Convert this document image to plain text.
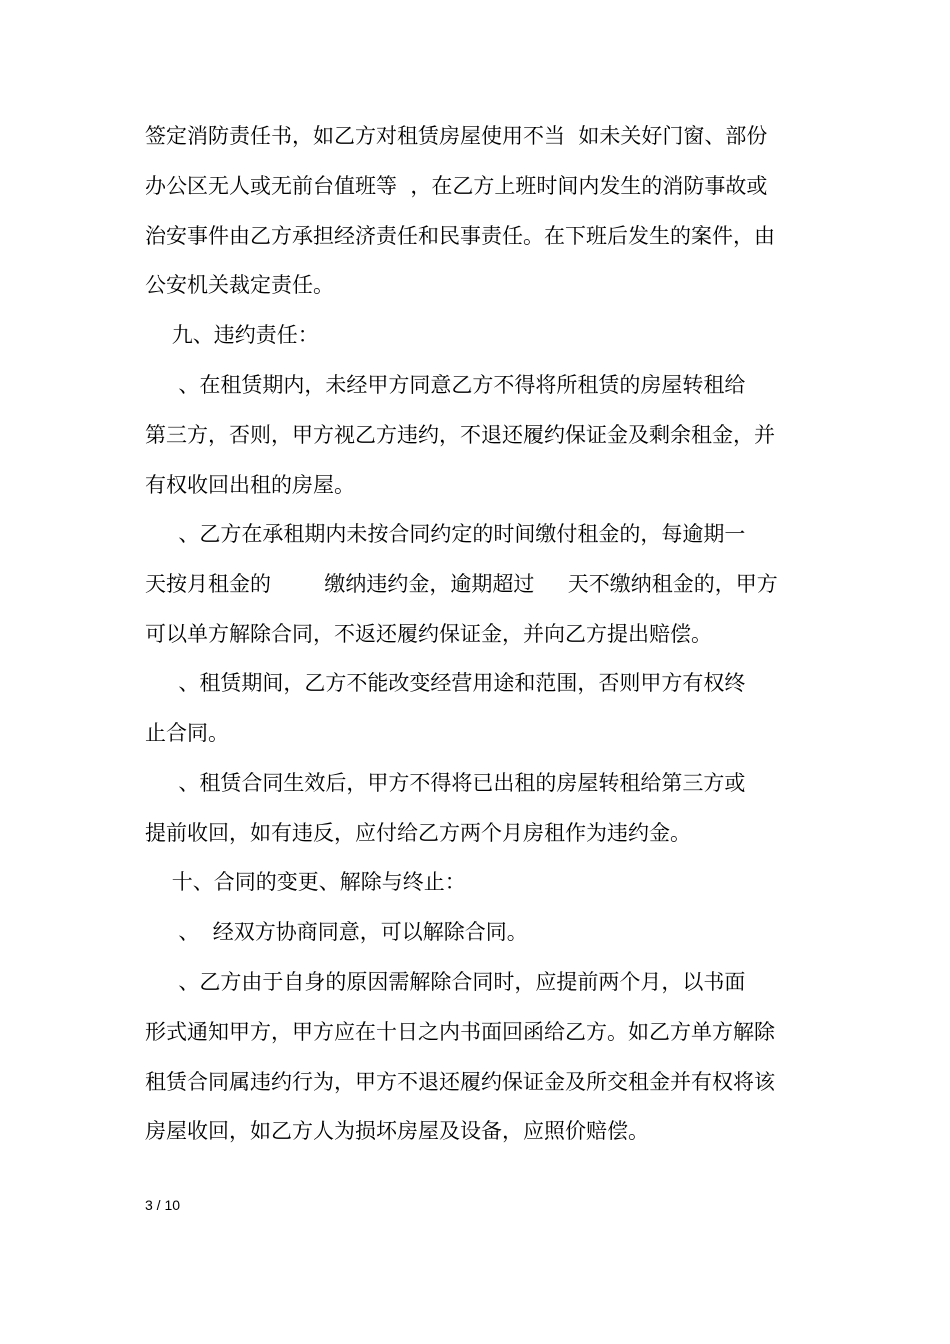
签定消防责任书，如乙方对租赁房屋使用不当  如未关好门窗、部份
办公区无人或无前台值班等  ，在乙方上班时间内发生的消防事故或
治安事件由乙方承担经济责任和民事责任。在下班后发生的案件，由
公安机关裁定责任。
九、违约责任：
、在租赁期内，未经甲方同意乙方不得将所租赁的房屋转租给
第三方，否则，甲方视乙方违约，不退还履约保证金及剩余租金，并
有权收回出租的房屋。
、乙方在承租期内未按合同约定的时间缴付租金的，每逾期一
天按月租金的        缴纳违约金，逾期超过     天不缴纳租金的，甲方
可以单方解除合同，不返还履约保证金，并向乙方提出赔偿。
、租赁期间，乙方不能改变经营用途和范围，否则甲方有权终
止合同。
、租赁合同生效后，甲方不得将已出租的房屋转租给第三方或
提前收回，如有违反，应付给乙方两个月房租作为违约金。
十、合同的变更、解除与终止：
、  经双方协商同意，可以解除合同。
、乙方由于自身的原因需解除合同时，应提前两个月，以书面
形式通知甲方，甲方应在十日之内书面回函给乙方。如乙方单方解除
租赁合同属违约行为，甲方不退还履约保证金及所交租金并有权将该
房屋收回，如乙方人为损坏房屋及设备，应照价赔偿。
3 / 10
